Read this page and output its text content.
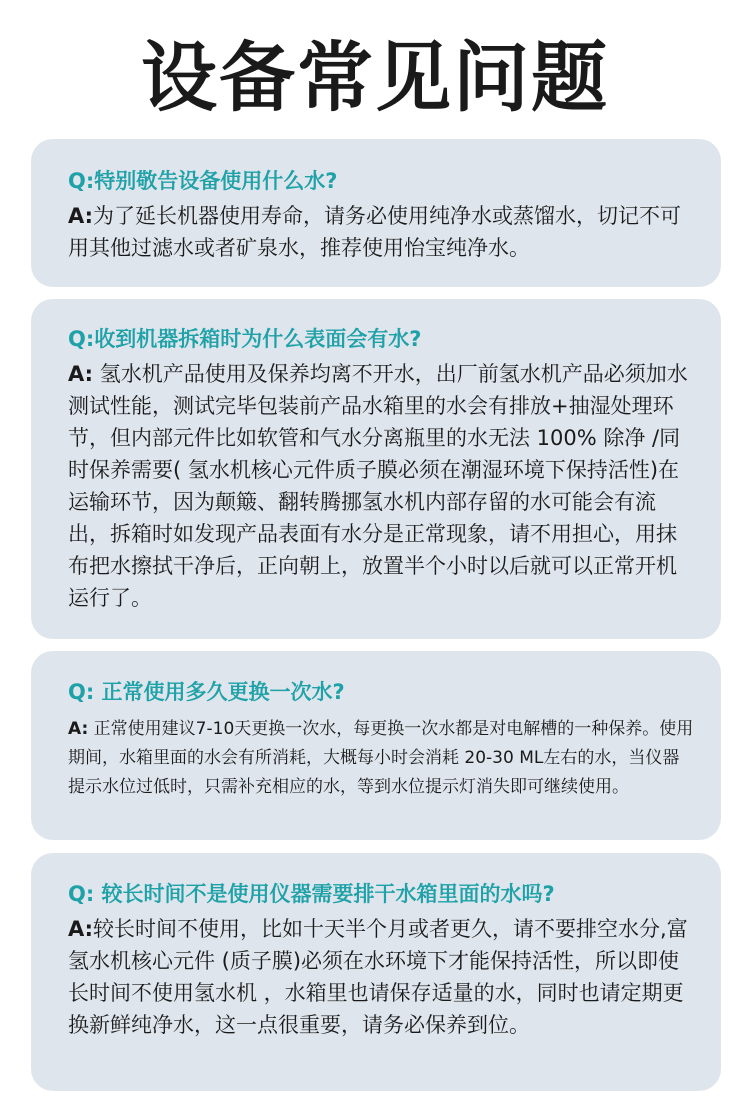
设备常见问题
Q:特别敬告设备使用什么水?
A:为了延长机器使用寿命，请务必使用纯净水或蒸馏水，切记不可用其他过滤水或者矿泉水，推荐使用怡宝纯净水。
Q:收到机器拆箱时为什么表面会有水?
A: 氢水机产品使用及保养均离不开水，出厂前氢水机产品必须加水测试性能，测试完毕包装前产品水箱里的水会有排放+抽湿处理环节，但内部元件比如软管和气水分离瓶里的水无法 100% 除净 /同时保养需要( 氢水机核心元件质子膜必须在潮湿环境下保持活性)在运输环节，因为颠簸、翻转腾挪氢水机内部存留的水可能会有流出，拆箱时如发现产品表面有水分是正常现象，请不用担心，用抹布把水擦拭干净后，正向朝上，放置半个小时以后就可以正常开机运行了。
Q: 正常使用多久更换一次水?
A: 正常使用建议7-10天更换一次水，每更换一次水都是对电解槽的一种保养。使用期间，水箱里面的水会有所消耗，大概每小时会消耗 20-30 ML左右的水，当仪器提示水位过低时，只需补充相应的水，等到水位提示灯消失即可继续使用。
Q: 较长时间不是使用仪器需要排干水箱里面的水吗?
A:较长时间不使用，比如十天半个月或者更久，请不要排空水分,富氢水机核心元件 (质子膜)必须在水环境下才能保持活性，所以即使长时间不使用氢水机 ，水箱里也请保存适量的水，同时也请定期更换新鲜纯净水，这一点很重要，请务必保养到位。
